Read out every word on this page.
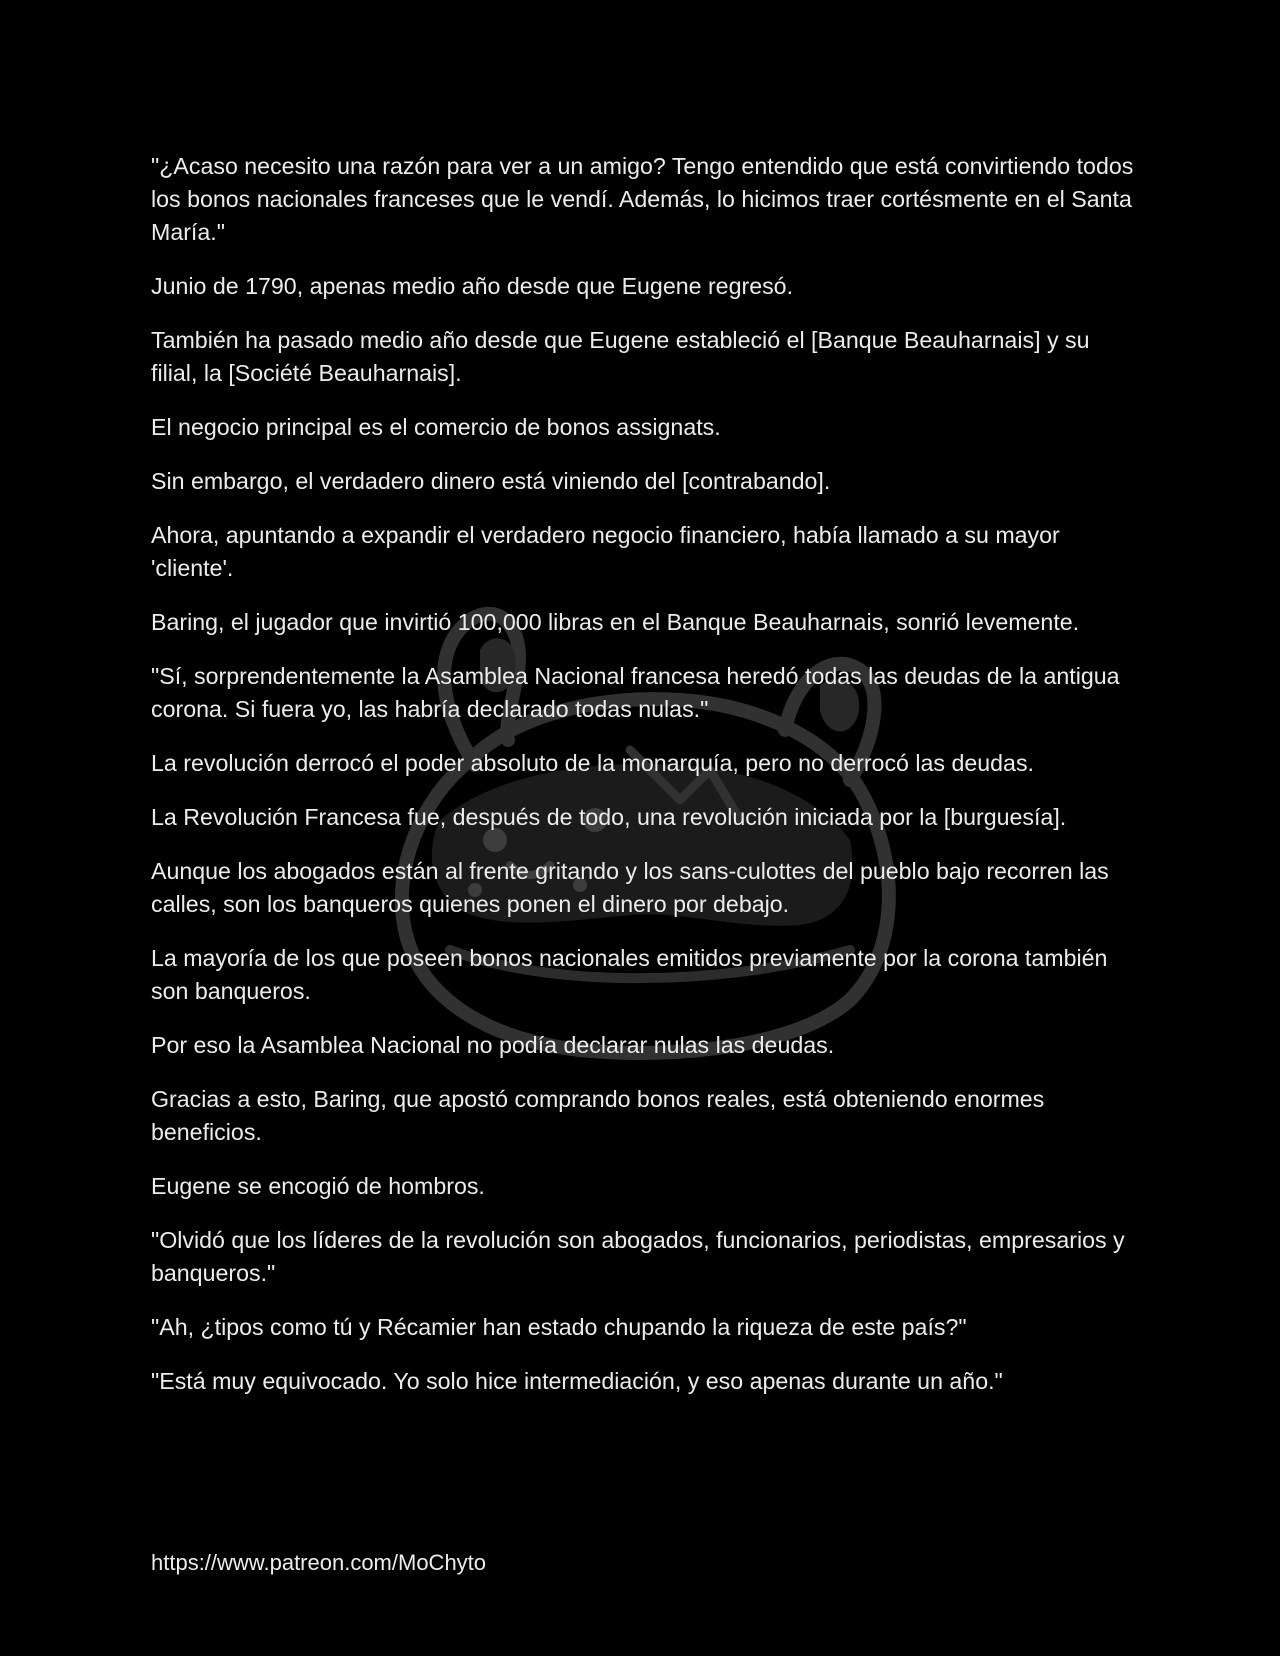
"¿Acaso necesito una razón para ver a un amigo? Tengo entendido que está convirtiendo todos los bonos nacionales franceses que le vendí. Además, lo hicimos traer cortésmente en el Santa María."

Junio de 1790, apenas medio año desde que Eugene regresó.

También ha pasado medio año desde que Eugene estableció el [Banque Beauharnais] y su filial, la [Société Beauharnais].

El negocio principal es el comercio de bonos assignats.

Sin embargo, el verdadero dinero está viniendo del [contrabando].

Ahora, apuntando a expandir el verdadero negocio financiero, había llamado a su mayor 'cliente'.

Baring, el jugador que invirtió 100,000 libras en el Banque Beauharnais, sonrió levemente.

"Sí, sorprendentemente la Asamblea Nacional francesa heredó todas las deudas de la antigua corona. Si fuera yo, las habría declarado todas nulas."

La revolución derrocó el poder absoluto de la monarquía, pero no derrocó las deudas.

La Revolución Francesa fue, después de todo, una revolución iniciada por la [burguesía].

Aunque los abogados están al frente gritando y los sans-culottes del pueblo bajo recorren las calles, son los banqueros quienes ponen el dinero por debajo.

La mayoría de los que poseen bonos nacionales emitidos previamente por la corona también son banqueros.

Por eso la Asamblea Nacional no podía declarar nulas las deudas.

Gracias a esto, Baring, que apostó comprando bonos reales, está obteniendo enormes beneficios.

Eugene se encogió de hombros.

"Olvidó que los líderes de la revolución son abogados, funcionarios, periodistas, empresarios y banqueros."

"Ah, ¿tipos como tú y Récamier han estado chupando la riqueza de este país?"

"Está muy equivocado. Yo solo hice intermediación, y eso apenas durante un año."

https://www.patreon.com/MoChyto
